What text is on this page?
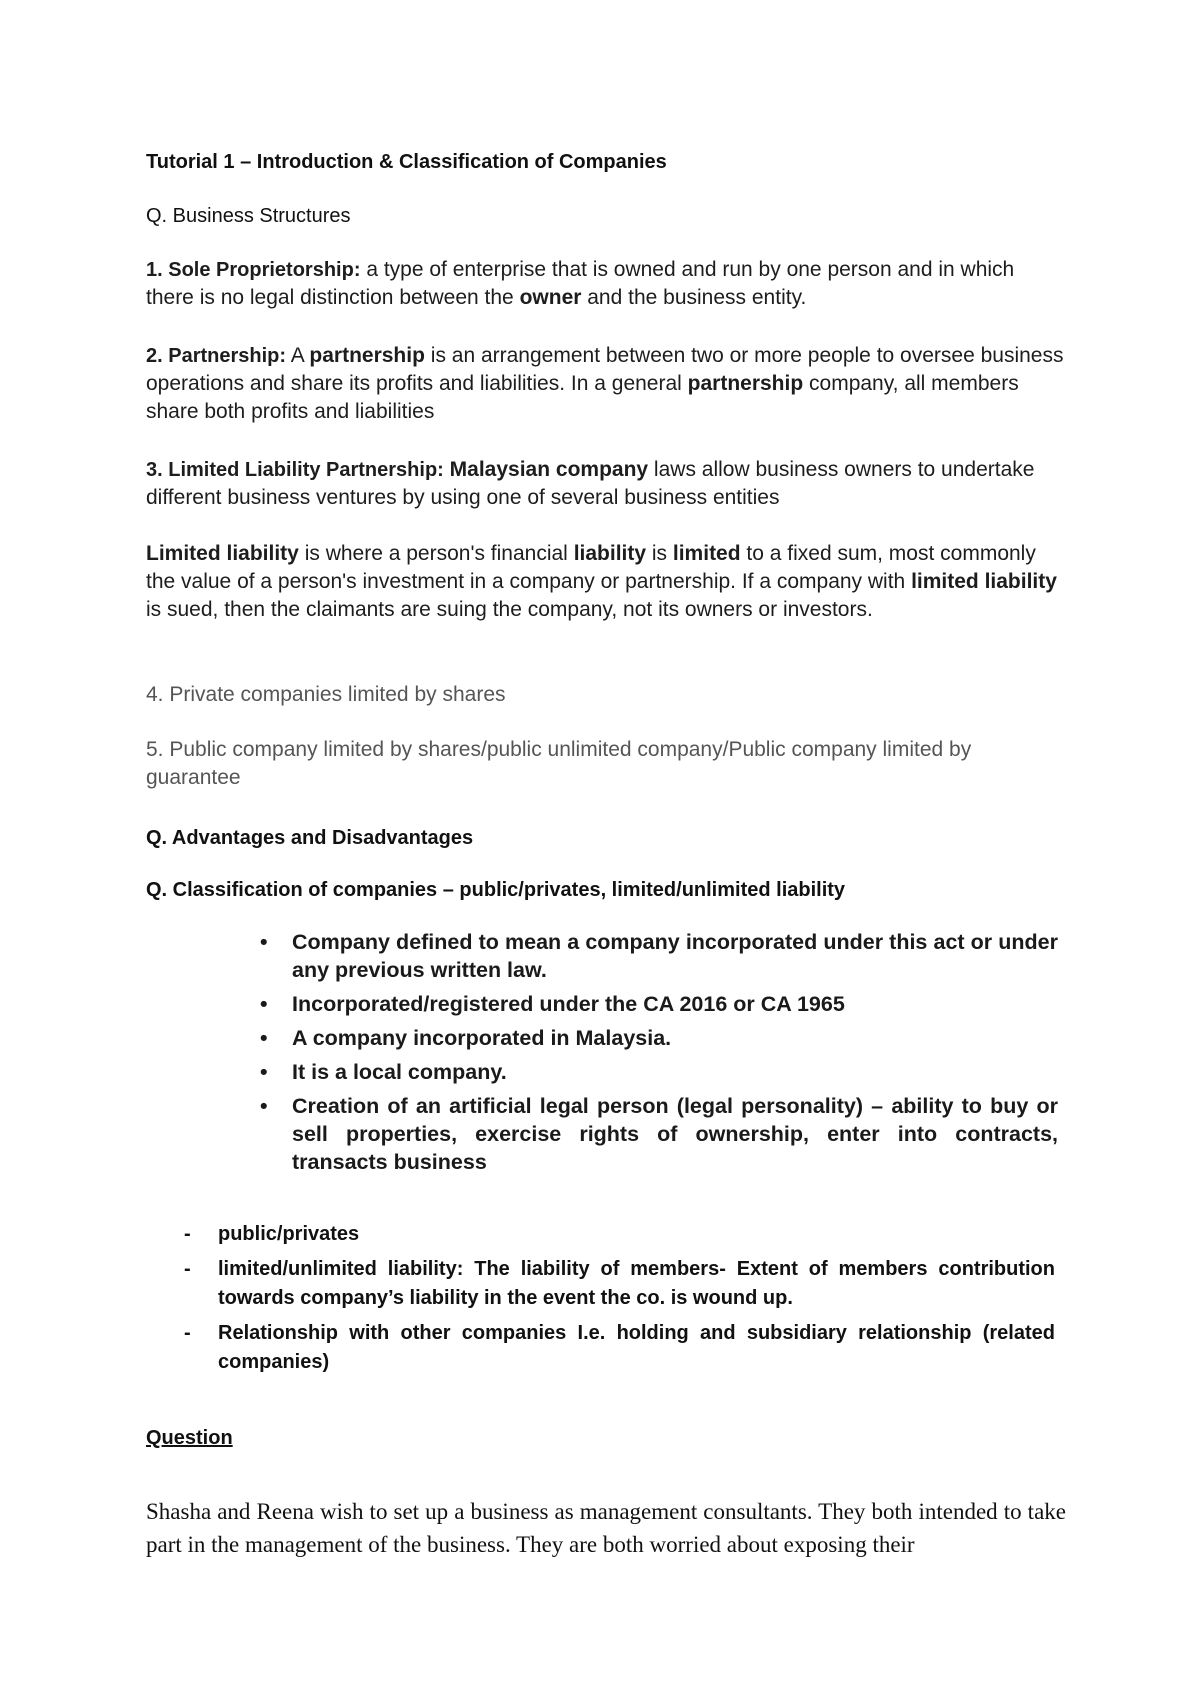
Tutorial 1 – Introduction & Classification of Companies
Q. Business Structures
1. Sole Proprietorship: a type of enterprise that is owned and run by one person and in which there is no legal distinction between the owner and the business entity.
2. Partnership: A partnership is an arrangement between two or more people to oversee business operations and share its profits and liabilities. In a general partnership company, all members share both profits and liabilities
3. Limited Liability Partnership: Malaysian company laws allow business owners to undertake different business ventures by using one of several business entities
Limited liability is where a person's financial liability is limited to a fixed sum, most commonly the value of a person's investment in a company or partnership. If a company with limited liability is sued, then the claimants are suing the company, not its owners or investors.
4. Private companies limited by shares
5. Public company limited by shares/public unlimited company/Public company limited by guarantee
Q. Advantages and Disadvantages
Q. Classification of companies – public/privates, limited/unlimited liability
• Company defined to mean a company incorporated under this act or under any previous written law.
• Incorporated/registered under the CA 2016 or CA 1965
• A company incorporated in Malaysia.
• It is a local company.
• Creation of an artificial legal person (legal personality) – ability to buy or sell properties, exercise rights of ownership, enter into contracts, transacts business
- public/privates
- limited/unlimited liability: The liability of members- Extent of members contribution towards company’s liability in the event the co. is wound up.
- Relationship with other companies I.e. holding and subsidiary relationship (related companies)
Question
Shasha and Reena wish to set up a business as management consultants. They both intended to take part in the management of the business. They are both worried about exposing their
